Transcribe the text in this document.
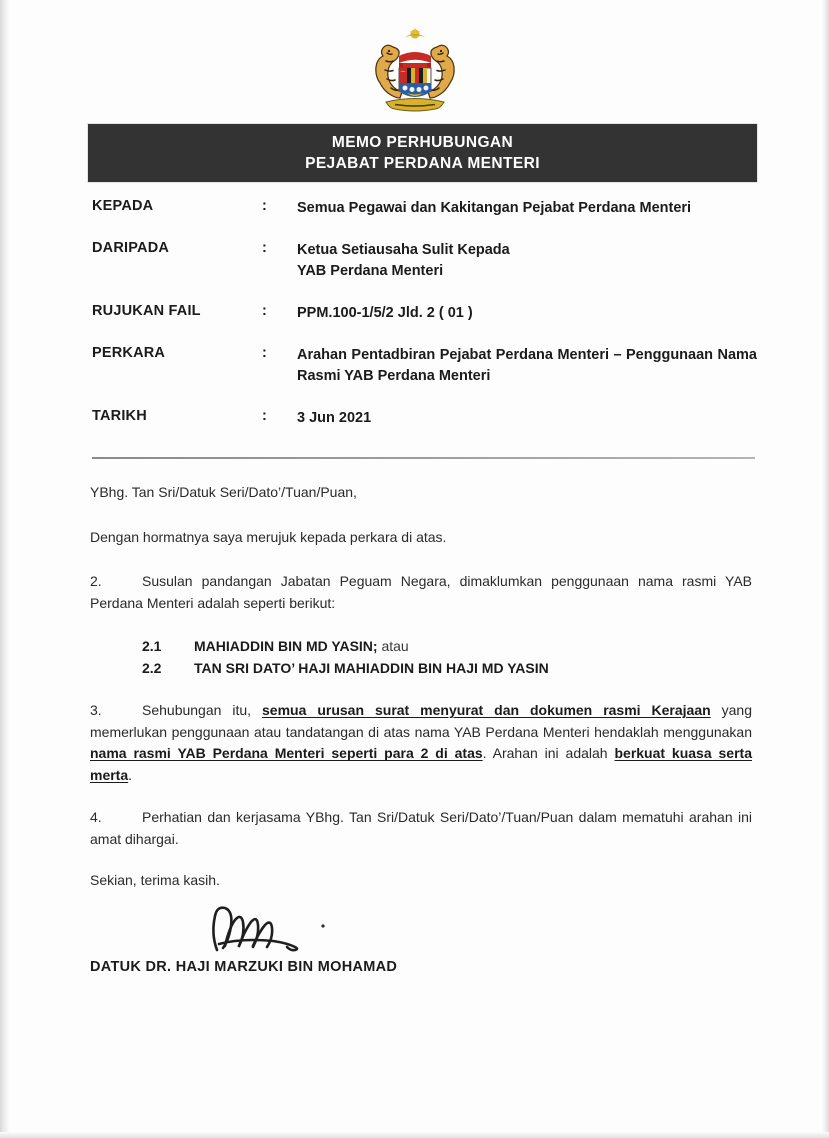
MEMO PERHUBUNGAN
PEJABAT PERDANA MENTERI
KEPADA	:	Semua Pegawai dan Kakitangan Pejabat Perdana Menteri
DARIPADA	:	Ketua Setiausaha Sulit Kepada
YAB Perdana Menteri
RUJUKAN FAIL	:	PPM.100-1/5/2 Jld. 2 ( 01 )
PERKARA	:	Arahan Pentadbiran Pejabat Perdana Menteri – Penggunaan Nama Rasmi YAB Perdana Menteri
TARIKH	:	3 Jun 2021

YBhg. Tan Sri/Datuk Seri/Dato’/Tuan/Puan,

Dengan hormatnya saya merujuk kepada perkara di atas.

2.	Susulan pandangan Jabatan Peguam Negara, dimaklumkan penggunaan nama rasmi YAB Perdana Menteri adalah seperti berikut:

2.1	MAHIADDIN BIN MD YASIN; atau
2.2	TAN SRI DATO’ HAJI MAHIADDIN BIN HAJI MD YASIN

3.	Sehubungan itu, semua urusan surat menyurat dan dokumen rasmi Kerajaan yang memerlukan penggunaan atau tandatangan di atas nama YAB Perdana Menteri hendaklah menggunakan nama rasmi YAB Perdana Menteri seperti para 2 di atas. Arahan ini adalah berkuat kuasa serta merta.

4.	Perhatian dan kerjasama YBhg. Tan Sri/Datuk Seri/Dato’/Tuan/Puan dalam mematuhi arahan ini amat dihargai.

Sekian, terima kasih.

DATUK DR. HAJI MARZUKI BIN MOHAMAD
